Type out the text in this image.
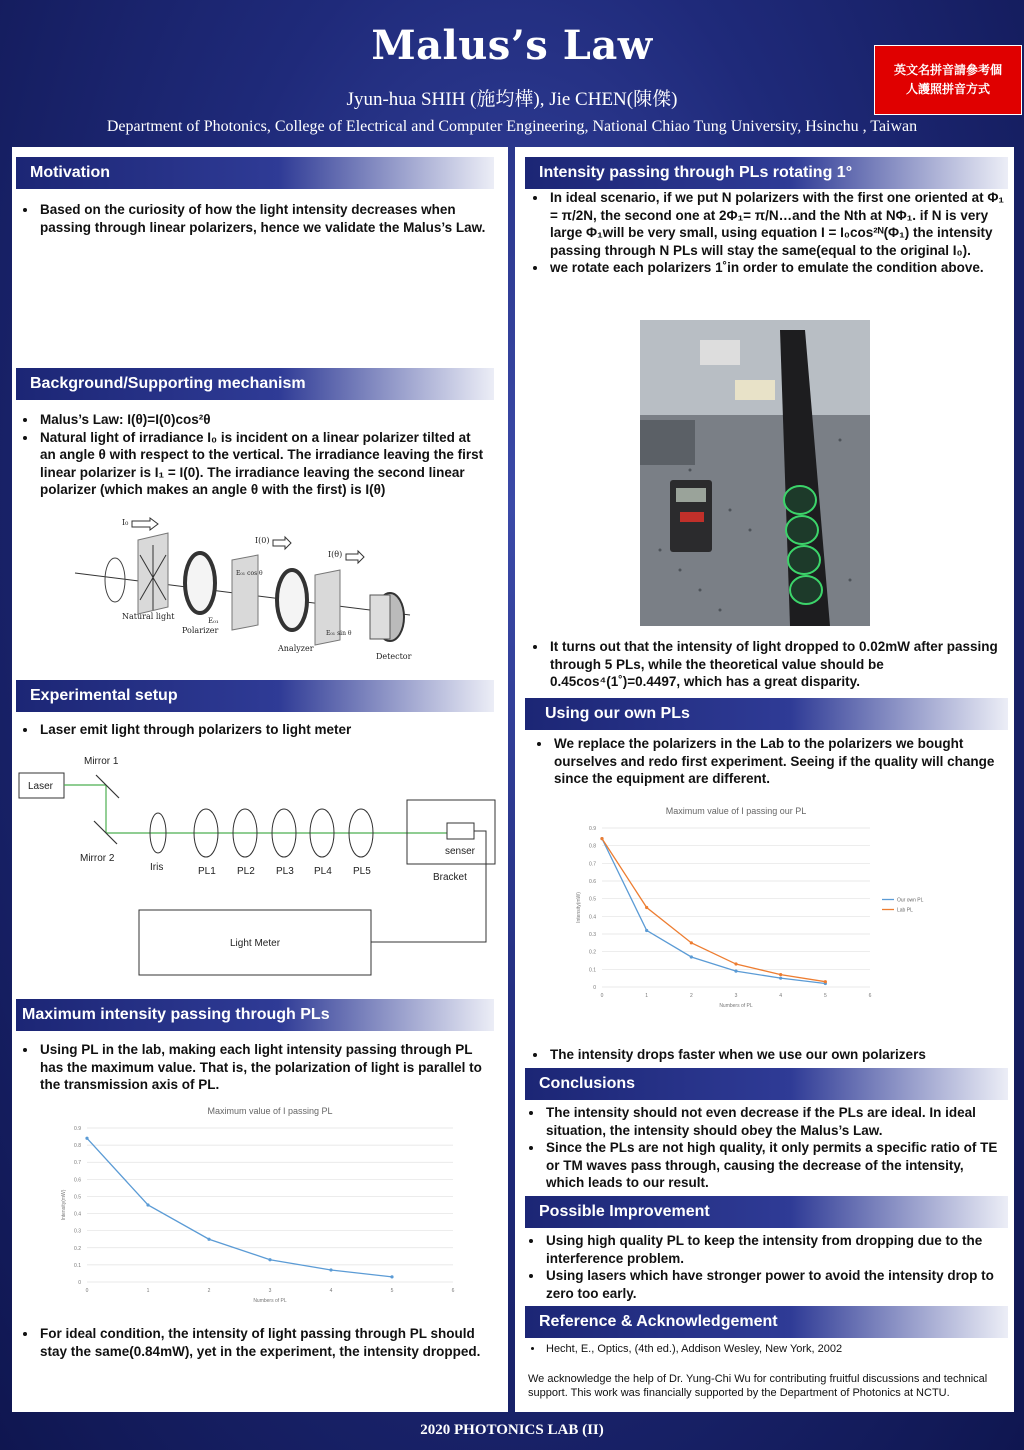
Malus’s Law
Jyun-hua SHIH (施均樺), Jie CHEN(陳傑)
Department of Photonics, College of Electrical and Computer Engineering, National Chiao Tung University, Hsinchu , Taiwan
英文名拼音請參考個
人護照拼音方式
Motivation
• Based on the curiosity of how the light intensity decreases when passing through linear polarizers, hence we validate the Malus’s Law.
Background/Supporting mechanism
• Malus’s Law: I(θ)=I(0)cos²θ
• Natural light of irradiance I₀ is incident on a linear polarizer tilted at an angle θ with respect to the vertical. The irradiance leaving the first linear polarizer is I₁ = I(0). The irradiance leaving the second linear polarizer (which makes an angle θ with the first) is I(θ)
I₀
I(0)
I(θ)
E₀₁
E₀₁ cos θ
E₀₁ sin θ
Natural light
Polarizer
Analyzer
Detector
Experimental setup
• Laser emit light through polarizers to light meter
Laser
Mirror 1
Mirror 2
Iris	PL1 PL2 PL3 PL4 PL5
senser
Bracket
Light Meter
Maximum intensity passing through PLs
• Using PL in the lab, making each light intensity passing through PL has the maximum value. That is, the polarization of light is parallel to the transmission axis of PL.
Maximum value of I passing PL
0
0.1
0.2
0.3
0.4
0.5
0.6
0.7
0.8
0.9
0	1	2	3	4	5	6
Numbers of PL
Intensity(mW)
• For ideal condition, the intensity of light passing through PL should stay the same(0.84mW), yet in the experiment, the intensity dropped.
Intensity passing through PLs rotating 1°
• In ideal scenario, if we put N polarizers with the first one oriented at Φ₁ = π/2N, the second one at 2Φ₁= π/N…and the Nth at NΦ₁. if N is very large Φ₁will be very small, using equation I = I₀cos²ᴺ(Φ₁) the intensity passing through N PLs will stay the same(equal to the original I₀).
• we rotate each polarizers 1˚in order to emulate the condition above.
• It turns out that the intensity of light dropped to 0.02mW after passing through 5 PLs, while the theoretical value should be 0.45cos⁴(1˚)=0.4497, which has a great disparity.
Using our own PLs
• We replace the polarizers in the Lab to the polarizers we bought ourselves and redo first experiment. Seeing if the quality will change since the equipment are different.
Maximum value of I passing our PL
0
0.1
0.2
0.3
0.4
0.5
0.6
0.7
0.8
0.9
0	1	2	3	4	5	6
Numbers of PL
Intensity(mW)	Our own PL
Lab PL
• The intensity drops faster when we use our own polarizers
Conclusions
• The intensity should not even decrease if the PLs are ideal. In ideal situation, the intensity should obey the Malus’s Law.
• Since the PLs are not high quality, it only permits a specific ratio of TE or TM waves pass through, causing the decrease of the intensity, which leads to our result.
Possible Improvement
• Using high quality PL to keep the intensity from dropping due to the interference problem.
• Using lasers which have stronger power to avoid the intensity drop to zero too early.
Reference & Acknowledgement
• Hecht, E., Optics, (4th ed.), Addison Wesley, New York, 2002
We acknowledge the help of Dr. Yung-Chi Wu for contributing fruitful discussions and technical support. This work was financially supported by the Department of Photonics at NCTU.
2020 PHOTONICS LAB (II)
